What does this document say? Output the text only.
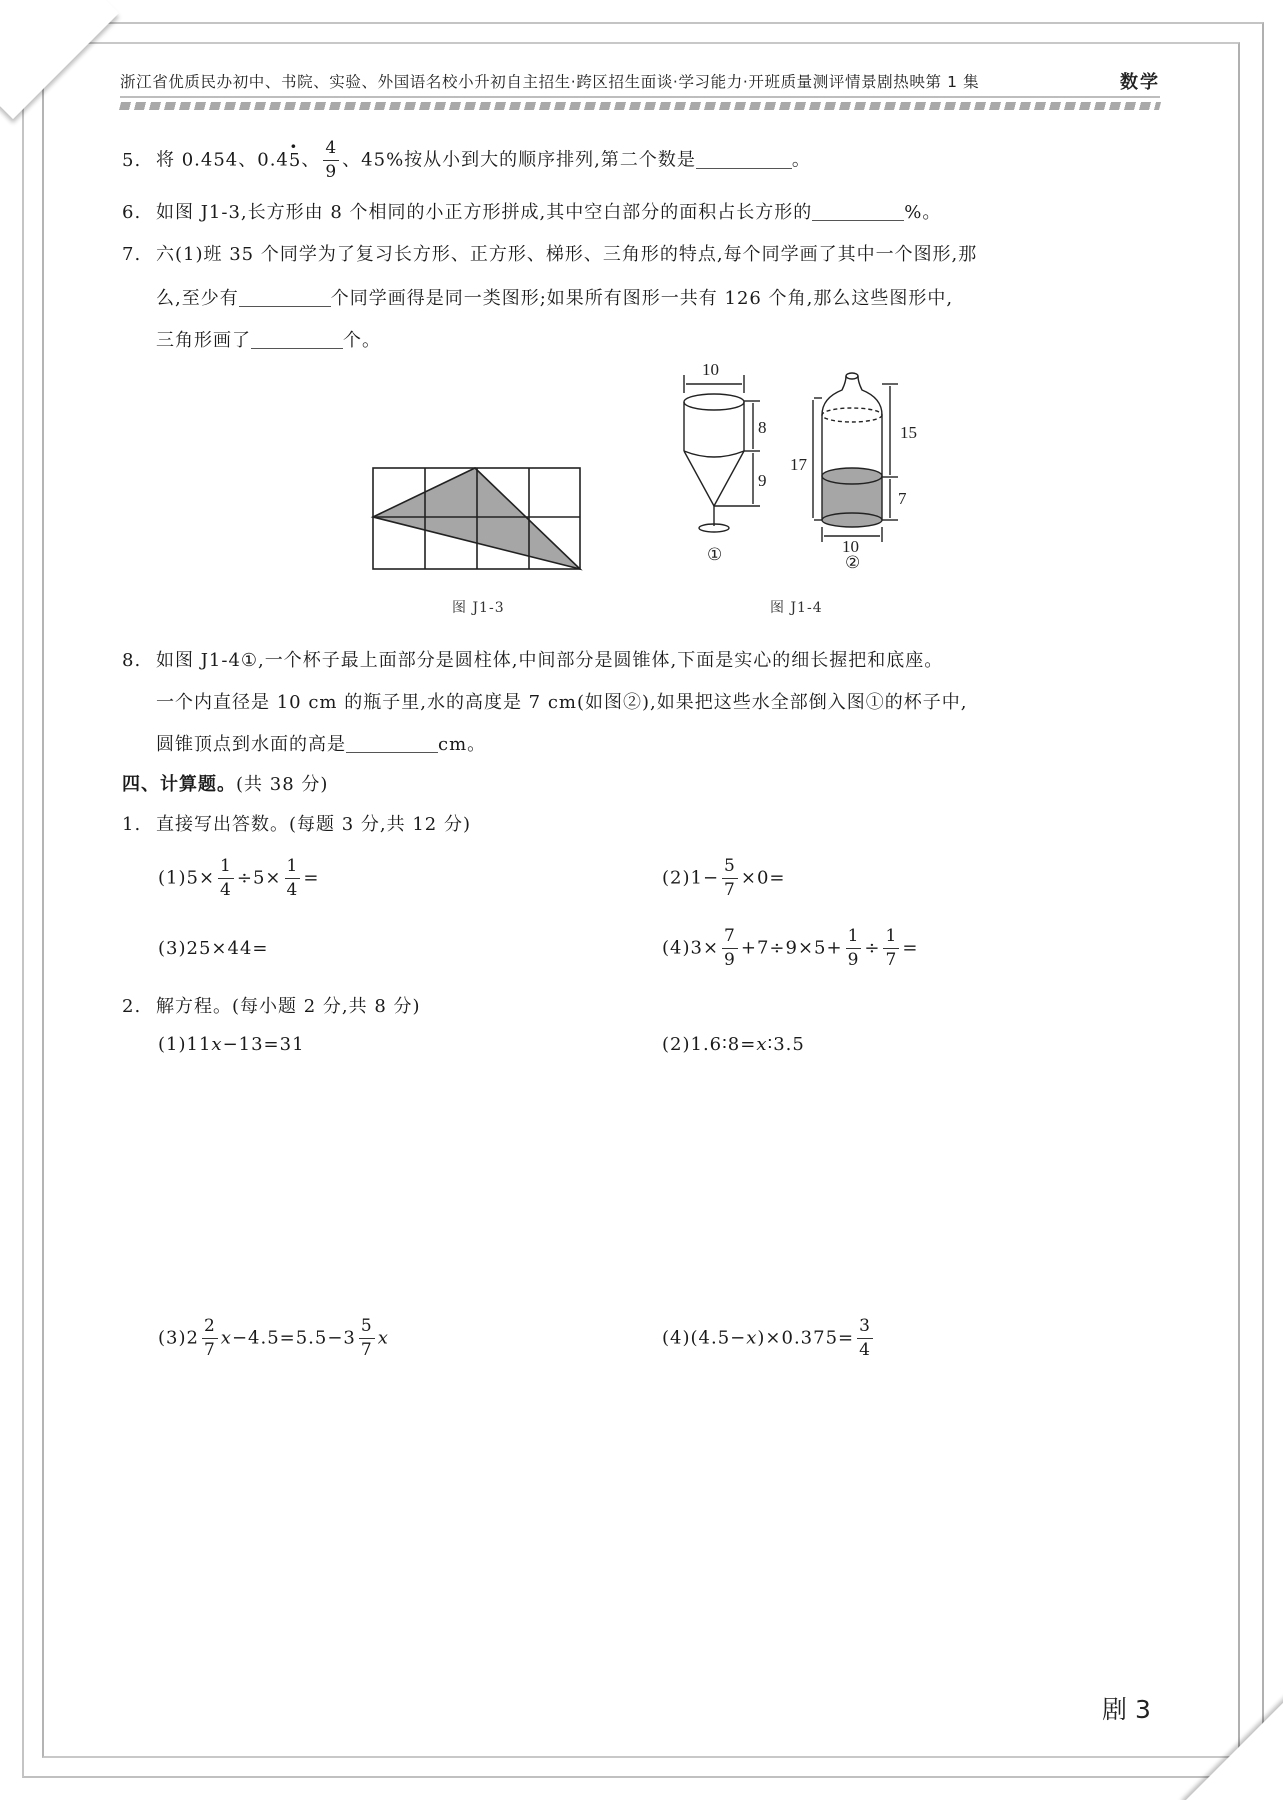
浙江省优质民办初中、书院、实验、外国语名校小升初自主招生·跨区招生面谈·学习能力·开班质量测评情景剧热映第 1 集	数学
5. 将 0.454、0.4· 5、 $\frac{4}{9}$ 、45%按从小到大的顺序排列,第二个数是	。
6. 如图 J1-3,长方形由 8 个相同的小正方形拼成,其中空白部分的面积占长方形的	%。
7. 六(1)班 35 个同学为了复习长方形、正方形、梯形、三角形的特点,每个同学画了其中一个图形,那
么,至少有	个同学画得是同一类图形;如果所有图形一共有 126 个角,那么这些图形中,
三角形画了	个。
图 J1-3
10
8
9
①
17
15
7
10
②
图 J1-4
8. 如图 J1-4①,一个杯子最上面部分是圆柱体,中间部分是圆锥体,下面是实心的细长握把和底座。
一个内直径是 10 cm 的瓶子里,水的高度是 7 cm(如图②),如果把这些水全部倒入图①的杯子中,
圆锥顶点到水面的高是	cm。
四、计算题。(共 38 分)
1. 直接写出答数。(每题 3 分,共 12 分)
$(1)5\times \frac{1}{4} \div 5\times \frac{1}{4}$ =	$(2)1- \frac{5}{7} \times 0=$
(3)25×44=	$(4)3\times \frac{7}{9} +7\div 9\times 5+ \frac{1}{9} \div \frac{1}{7}$ =
2. 解方程。(每小题 2 分,共 8 分)
(1)11x−13=31	(2)1.6∶8=x∶3.5
$(3)2 \frac{2}{7} x-4.5=5.5-3 \frac{5}{7}$ x	$(4)(4.5-x)\times 0.375= \frac{3}{4}$
剧 3
